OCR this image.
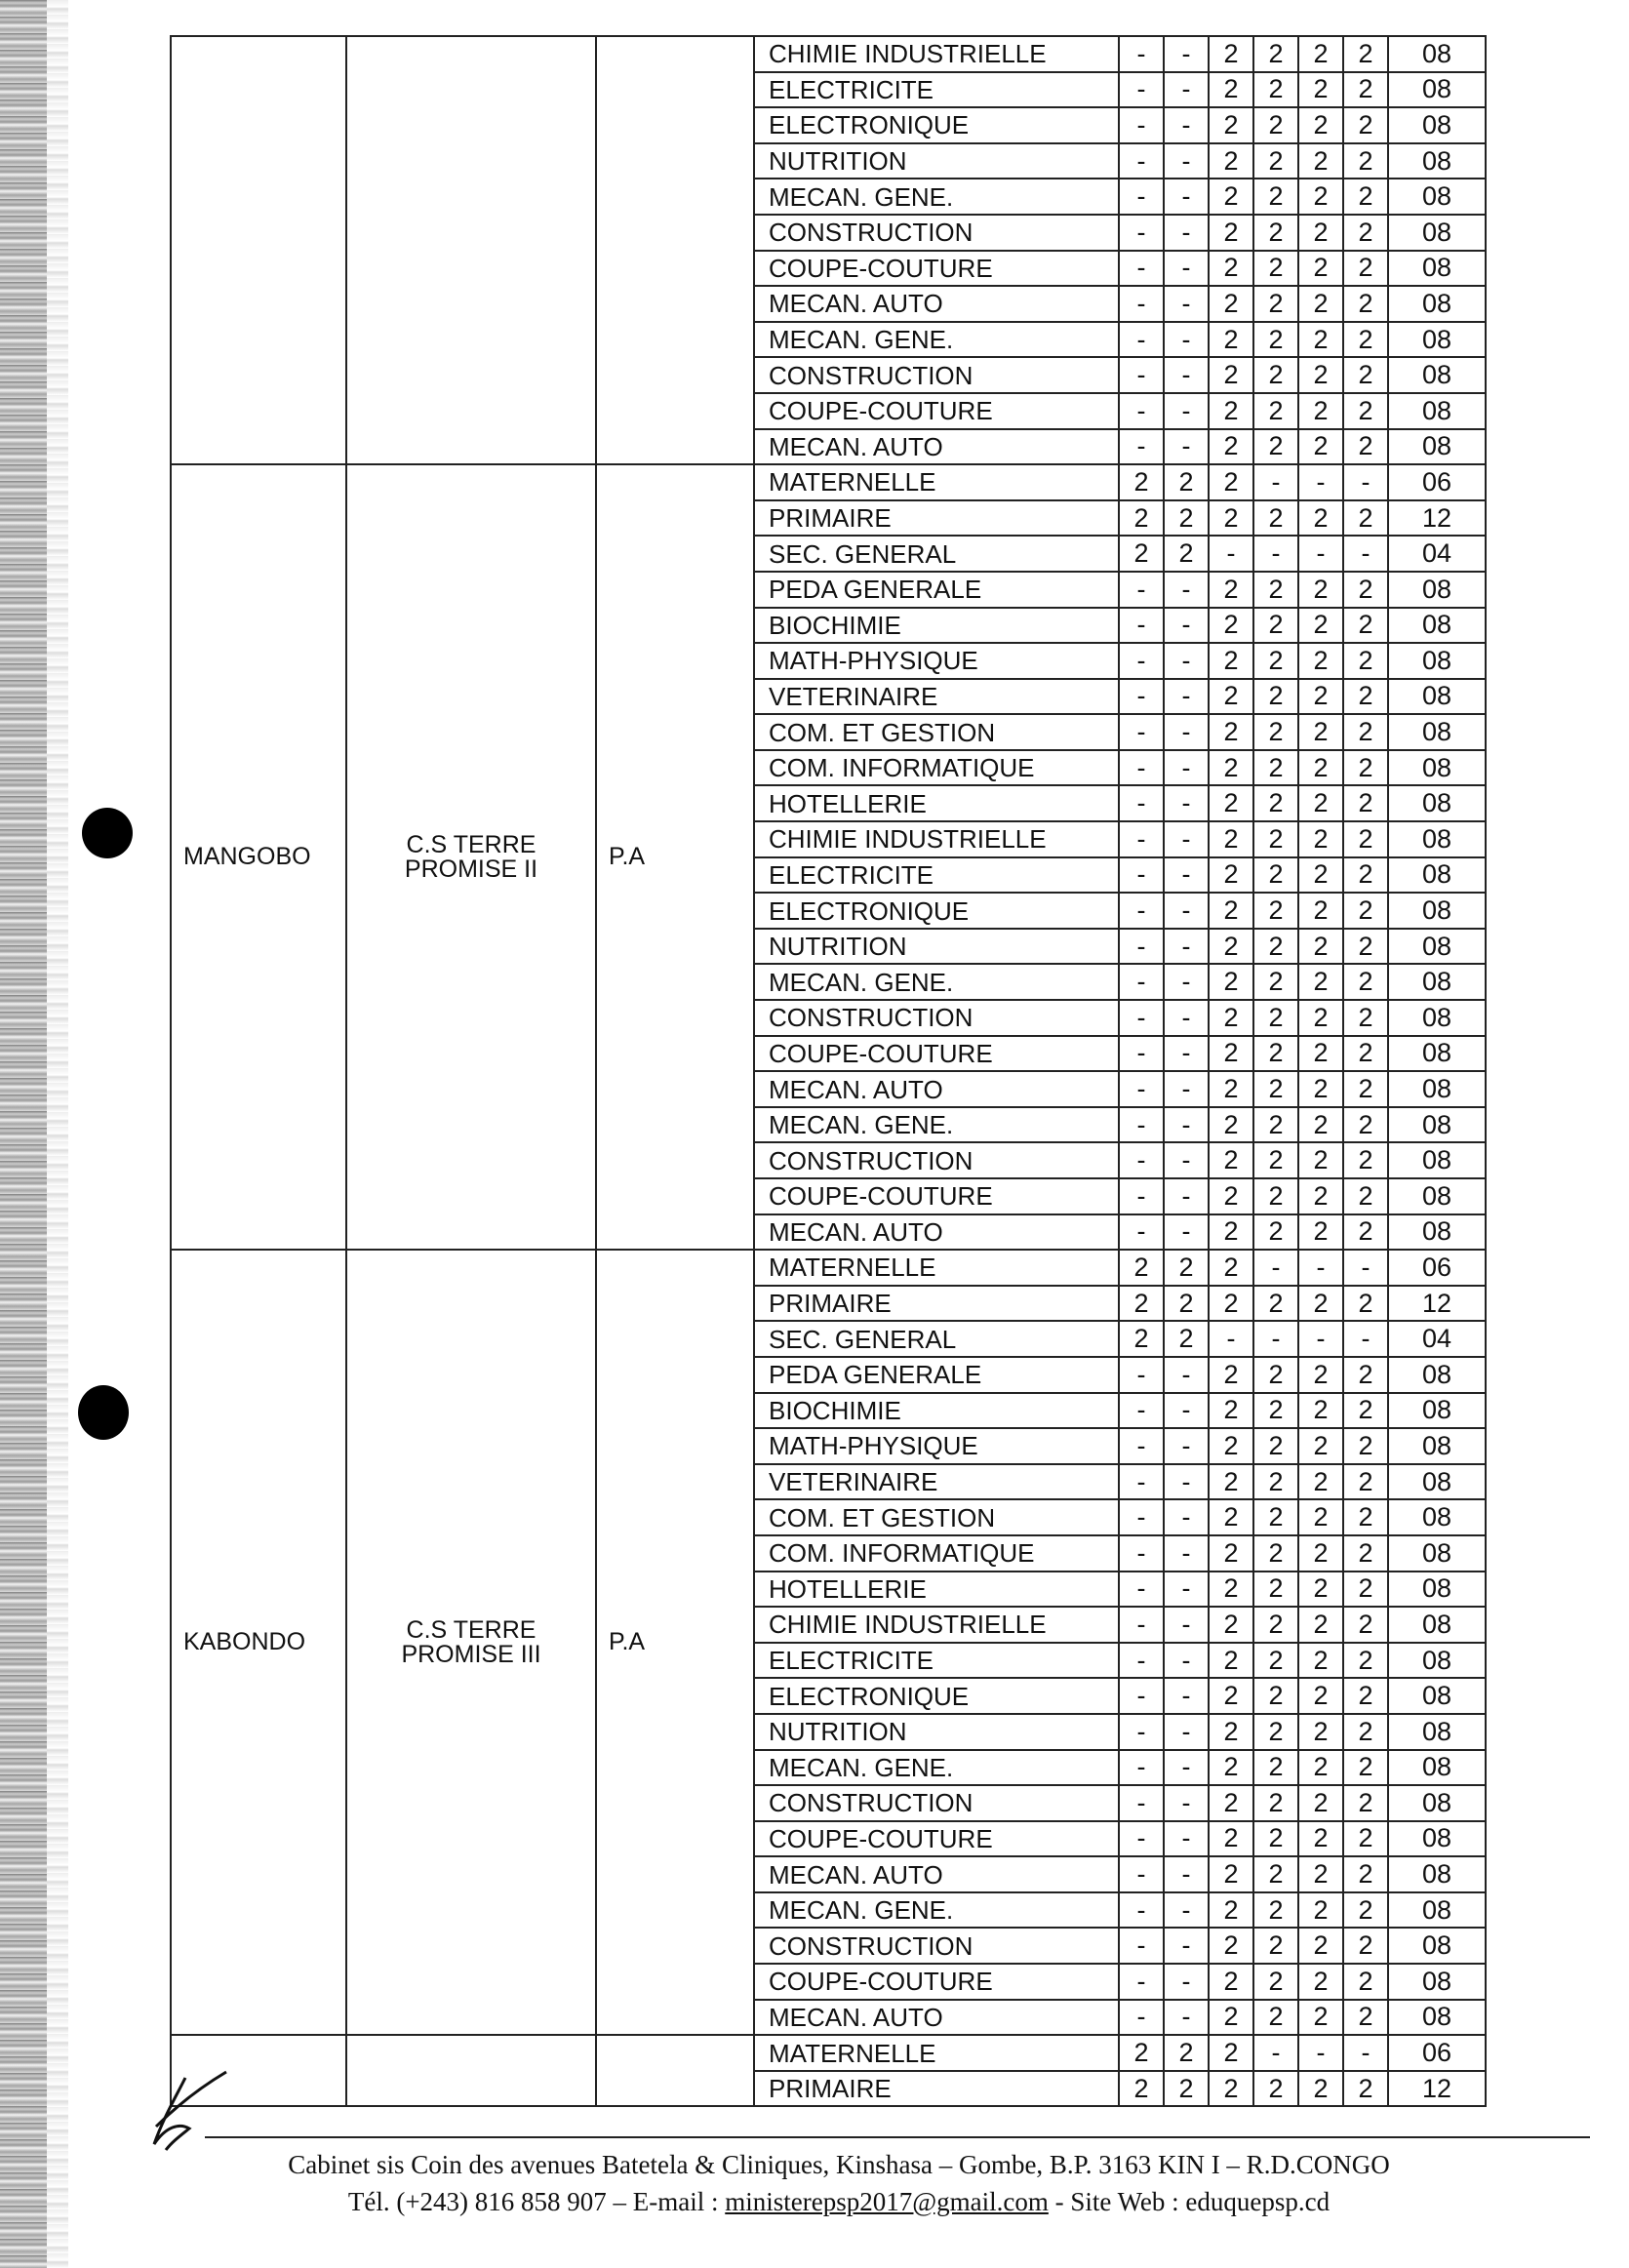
			CHIMIE INDUSTRIELLE	-	-	2	2	2	2	08
			ELECTRICITE	-	-	2	2	2	2	08
			ELECTRONIQUE	-	-	2	2	2	2	08
			NUTRITION	-	-	2	2	2	2	08
			MECAN. GENE.	-	-	2	2	2	2	08
			CONSTRUCTION	-	-	2	2	2	2	08
			COUPE-COUTURE	-	-	2	2	2	2	08
			MECAN. AUTO	-	-	2	2	2	2	08
			MECAN. GENE.	-	-	2	2	2	2	08
			CONSTRUCTION	-	-	2	2	2	2	08
			COUPE-COUTURE	-	-	2	2	2	2	08
			MECAN. AUTO	-	-	2	2	2	2	08
MANGOBO	C.S TERRE PROMISE II	P.A	MATERNELLE	2	2	2	-	-	-	06
			PRIMAIRE	2	2	2	2	2	2	12
			SEC. GENERAL	2	2	-	-	-	-	04
			PEDA GENERALE	-	-	2	2	2	2	08
			BIOCHIMIE	-	-	2	2	2	2	08
			MATH-PHYSIQUE	-	-	2	2	2	2	08
			VETERINAIRE	-	-	2	2	2	2	08
			COM. ET GESTION	-	-	2	2	2	2	08
			COM. INFORMATIQUE	-	-	2	2	2	2	08
			HOTELLERIE	-	-	2	2	2	2	08
			CHIMIE INDUSTRIELLE	-	-	2	2	2	2	08
			ELECTRICITE	-	-	2	2	2	2	08
			ELECTRONIQUE	-	-	2	2	2	2	08
			NUTRITION	-	-	2	2	2	2	08
			MECAN. GENE.	-	-	2	2	2	2	08
			CONSTRUCTION	-	-	2	2	2	2	08
			COUPE-COUTURE	-	-	2	2	2	2	08
			MECAN. AUTO	-	-	2	2	2	2	08
			MECAN. GENE.	-	-	2	2	2	2	08
			CONSTRUCTION	-	-	2	2	2	2	08
			COUPE-COUTURE	-	-	2	2	2	2	08
			MECAN. AUTO	-	-	2	2	2	2	08
KABONDO	C.S TERRE PROMISE III	P.A	MATERNELLE	2	2	2	-	-	-	06
			PRIMAIRE	2	2	2	2	2	2	12
			SEC. GENERAL	2	2	-	-	-	-	04
			PEDA GENERALE	-	-	2	2	2	2	08
			BIOCHIMIE	-	-	2	2	2	2	08
			MATH-PHYSIQUE	-	-	2	2	2	2	08
			VETERINAIRE	-	-	2	2	2	2	08
			COM. ET GESTION	-	-	2	2	2	2	08
			COM. INFORMATIQUE	-	-	2	2	2	2	08
			HOTELLERIE	-	-	2	2	2	2	08
			CHIMIE INDUSTRIELLE	-	-	2	2	2	2	08
			ELECTRICITE	-	-	2	2	2	2	08
			ELECTRONIQUE	-	-	2	2	2	2	08
			NUTRITION	-	-	2	2	2	2	08
			MECAN. GENE.	-	-	2	2	2	2	08
			CONSTRUCTION	-	-	2	2	2	2	08
			COUPE-COUTURE	-	-	2	2	2	2	08
			MECAN. AUTO	-	-	2	2	2	2	08
			MECAN. GENE.	-	-	2	2	2	2	08
			CONSTRUCTION	-	-	2	2	2	2	08
			COUPE-COUTURE	-	-	2	2	2	2	08
			MECAN. AUTO	-	-	2	2	2	2	08
			MATERNELLE	2	2	2	-	-	-	06
			PRIMAIRE	2	2	2	2	2	2	12
Cabinet sis Coin des avenues Batetela & Cliniques, Kinshasa – Gombe, B.P. 3163 KIN I – R.D.CONGO
Tél. (+243) 816 858 907 – E-mail : ministerepsp2017@gmail.com - Site Web : eduquepsp.cd
